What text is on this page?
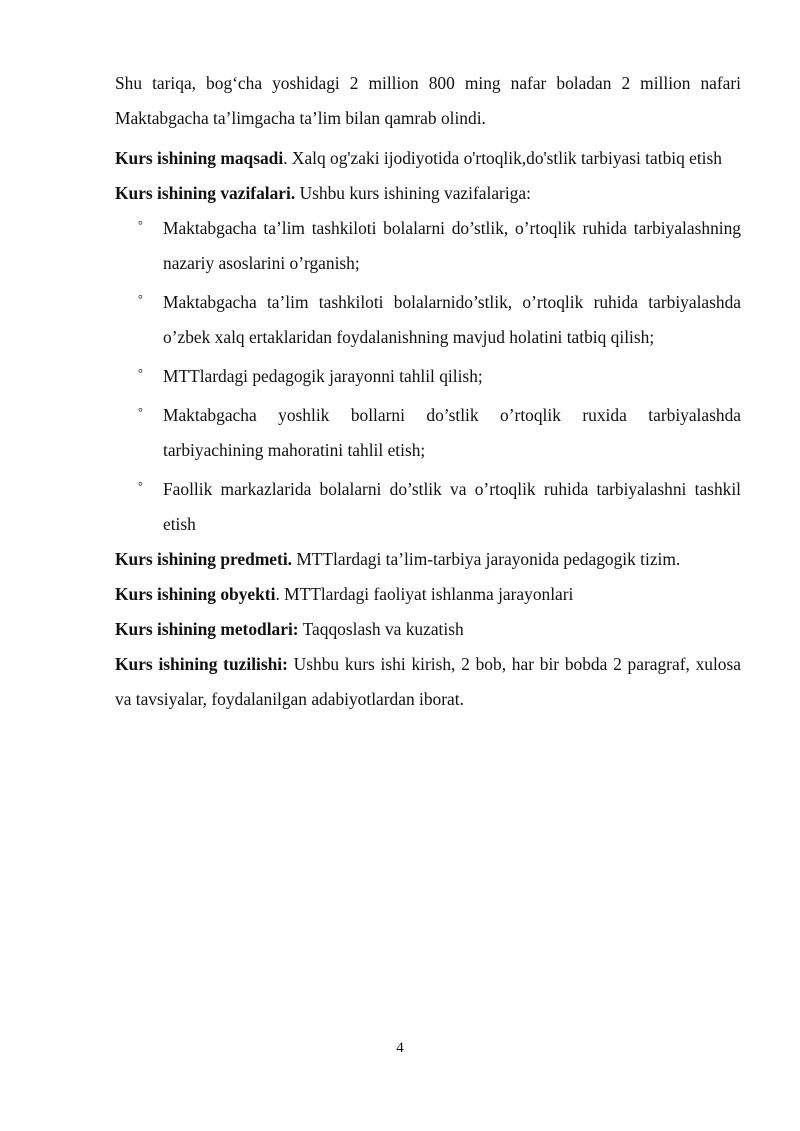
Shu tariqa, bog‘cha yoshidagi 2 million 800 ming nafar boladan 2 million nafari Maktabgacha ta’limgacha ta’lim bilan qamrab olindi.

Kurs ishining maqsadi. Xalq og'zaki ijodiyotida o'rtoqlik,do'stlik tarbiyasi tatbiq etish

Kurs ishining vazifalari. Ushbu kurs ishining vazifalariga:

° Maktabgacha ta’lim tashkiloti bolalarni do’stlik, o’rtoqlik ruhida tarbiyalashning nazariy asoslarini o’rganish;
° Maktabgacha ta’lim tashkiloti bolalarnido’stlik, o’rtoqlik ruhida tarbiyalashda o’zbek xalq ertaklaridan foydalanishning mavjud holatini tatbiq qilish;
° MTTlardagi pedagogik jarayonni tahlil qilish;
° Maktabgacha yoshlik bollarni do’stlik o’rtoqlik ruxida tarbiyalashda tarbiyachining mahoratini tahlil etish;
° Faollik markazlarida bolalarni do’stlik va o’rtoqlik ruhida tarbiyalashni tashkil etish

Kurs ishining predmeti. MTTlardagi ta’lim-tarbiya jarayonida pedagogik tizim.

Kurs ishining obyekti. MTTlardagi faoliyat ishlanma jarayonlari

Kurs ishining metodlari: Taqqoslash va kuzatish

Kurs ishining tuzilishi: Ushbu kurs ishi kirish, 2 bob, har bir bobda 2 paragraf, xulosa va tavsiyalar, foydalanilgan adabiyotlardan iborat.

4
